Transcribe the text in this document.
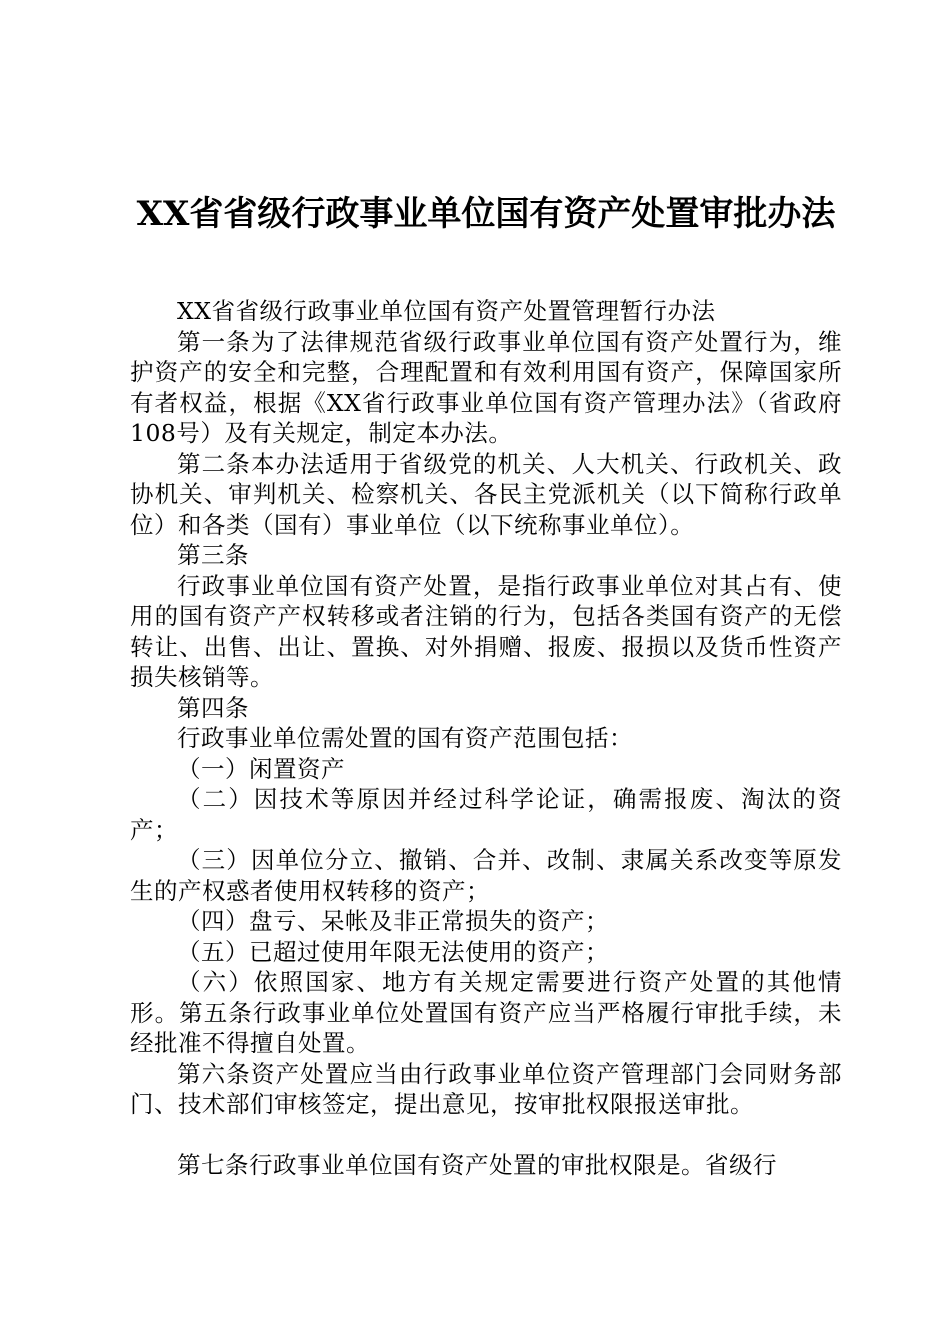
XX省省级行政事业单位国有资产处置审批办法

XX省省级行政事业单位国有资产处置管理暂行办法

第一条为了法律规范省级行政事业单位国有资产处置行为，维护资产的安全和完整，合理配置和有效利用国有资产，保障国家所有者权益，根据《XX省行政事业单位国有资产管理办法》（省政府108号）及有关规定，制定本办法。

第二条本办法适用于省级党的机关、人大机关、行政机关、政协机关、审判机关、检察机关、各民主党派机关（以下简称行政单位）和各类（国有）事业单位（以下统称事业单位）。

第三条

行政事业单位国有资产处置，是指行政事业单位对其占有、使用的国有资产产权转移或者注销的行为，包括各类国有资产的无偿转让、出售、出让、置换、对外捐赠、报废、报损以及货币性资产损失核销等。

第四条

行政事业单位需处置的国有资产范围包括：

（一）闲置资产

（二）因技术等原因并经过科学论证，确需报废、淘汰的资产；

（三）因单位分立、撤销、合并、改制、隶属关系改变等原发生的产权惑者使用权转移的资产；

（四）盘亏、呆帐及非正常损失的资产；

（五）已超过使用年限无法使用的资产；

（六）依照国家、地方有关规定需要进行资产处置的其他情形。第五条行政事业单位处置国有资产应当严格履行审批手续，未经批准不得擅自处置。

第六条资产处置应当由行政事业单位资产管理部门会同财务部门、技术部们审核签定，提出意见，按审批权限报送审批。

第七条行政事业单位国有资产处置的审批权限是。省级行
